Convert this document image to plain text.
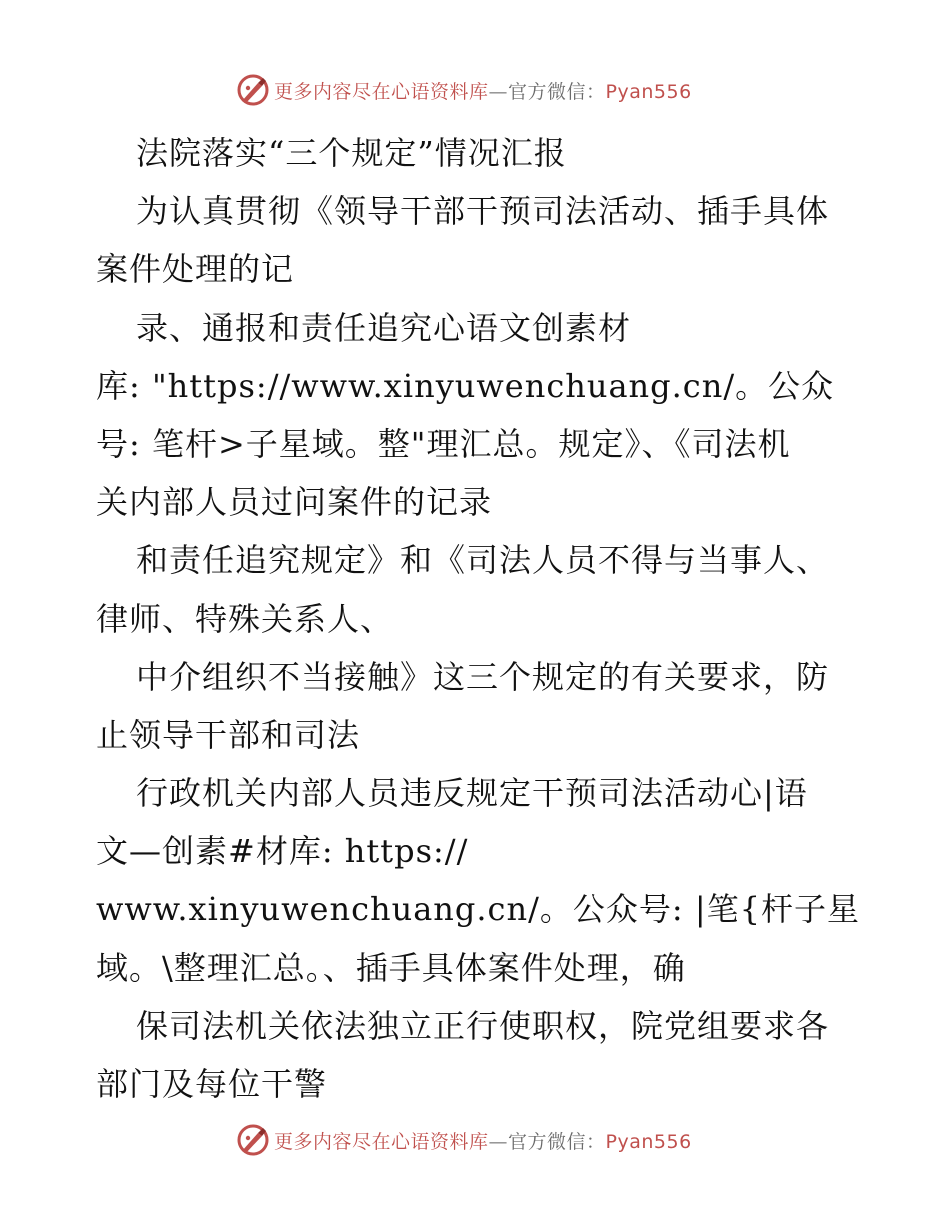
更多内容尽在心语资料库—官方微信：Pyan556
法院落实“三个规定”情况汇报
为认真贯彻《领导干部干预司法活动、插手具体
案件处理的记
录、通报和责任追究心语文创素材
库: "https://www.xinyuwenchuang.cn/。公众
号: 笔杆>子星域。整"理汇总。规定》、《司法机
关内部人员过问案件的记录
和责任追究规定》和《司法人员不得与当事人、
律师、特殊关系人、
中介组织不当接触》这三个规定的有关要求，防
止领导干部和司法
行政机关内部人员违反规定干预司法活动心|语
文—创素#材库: https://
www.xinyuwenchuang.cn/。公众号: |笔{杆子星
域。\整理汇总。、插手具体案件处理，确
保司法机关依法独立正行使职权，院党组要求各
部门及每位干警
更多内容尽在心语资料库—官方微信：Pyan556
